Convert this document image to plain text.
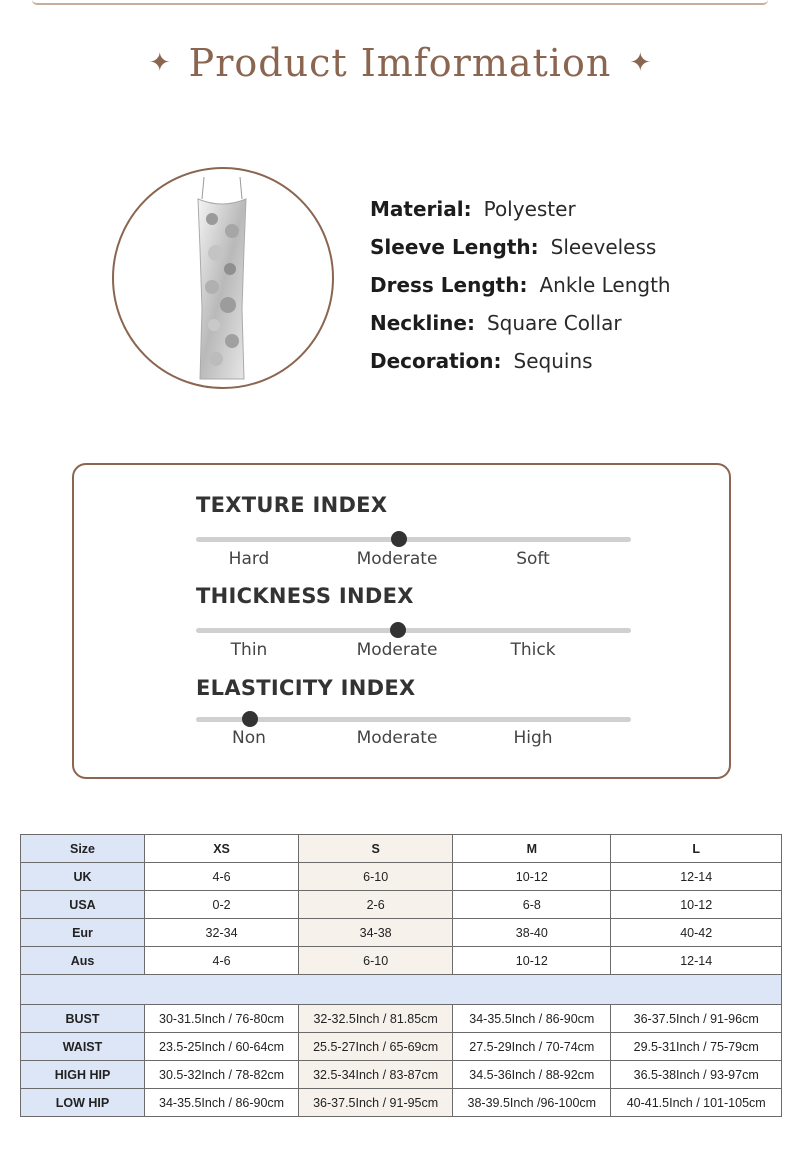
✦ Product Imformation ✦
Material: Polyester
Sleeve Length: Sleeveless
Dress Length: Ankle Length
Neckline: Square Collar
Decoration: Sequins
TEXTURE INDEX
Hard	Moderate	Soft
THICKNESS INDEX
Thin	Moderate	Thick
ELASTICITY INDEX
Non	Moderate	High
Size	XS	S	M	L
UK	4-6	6-10	10-12	12-14
USA	0-2	2-6	6-8	10-12
Eur	32-34	34-38	38-40	40-42
Aus	4-6	6-10	10-12	12-14

BUST	30-31.5Inch / 76-80cm	32-32.5Inch / 81.85cm	34-35.5Inch / 86-90cm	36-37.5Inch / 91-96cm
WAIST	23.5-25Inch / 60-64cm	25.5-27Inch / 65-69cm	27.5-29Inch / 70-74cm	29.5-31Inch / 75-79cm
HIGH HIP	30.5-32Inch / 78-82cm	32.5-34Inch / 83-87cm	34.5-36Inch / 88-92cm	36.5-38Inch / 93-97cm
LOW HIP	34-35.5Inch / 86-90cm	36-37.5Inch / 91-95cm	38-39.5Inch /96-100cm	40-41.5Inch / 101-105cm
